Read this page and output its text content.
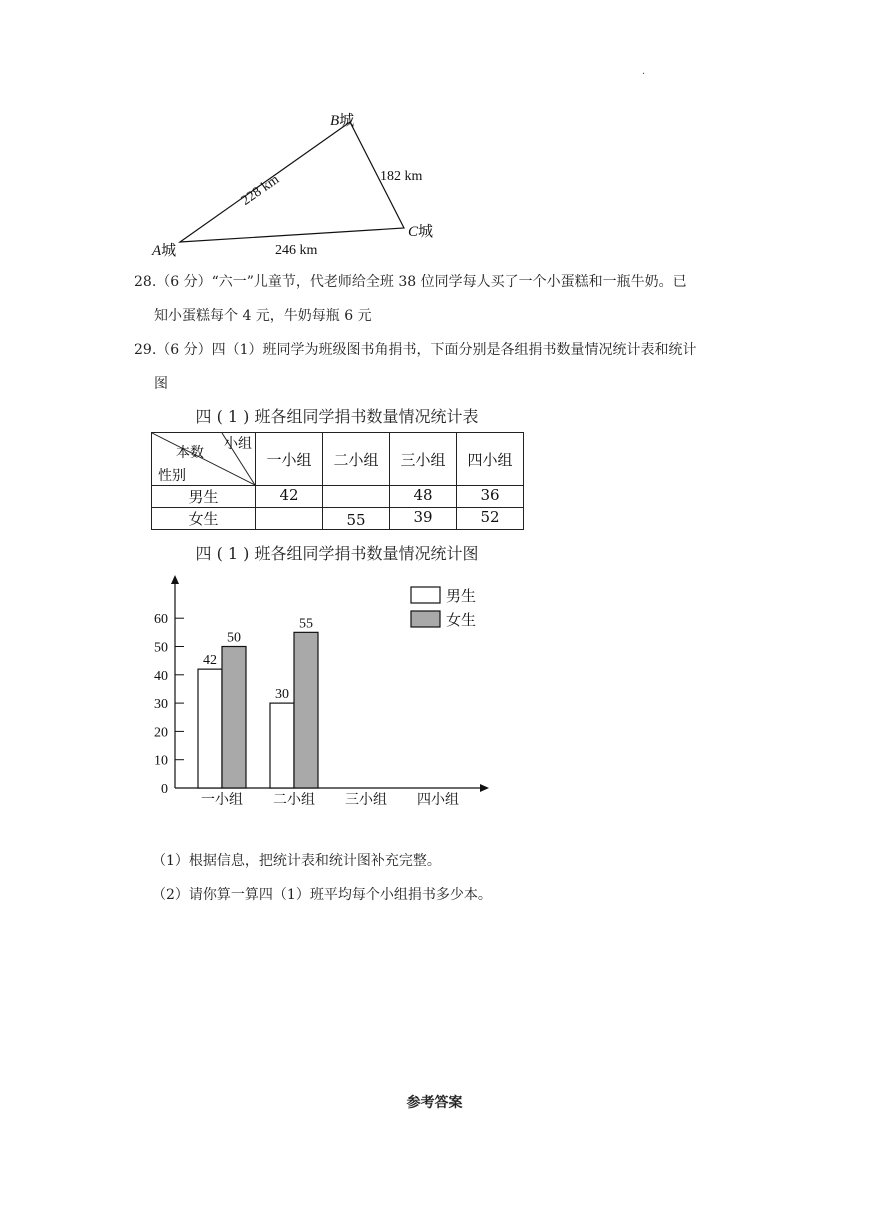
.
A城
B城
C城
228 km	182 km
246 km
28.（6 分）“六一”儿童节，代老师给全班 38 位同学每人买了一个小蛋糕和一瓶牛奶。已
知小蛋糕每个 4 元，牛奶每瓶 6 元
29.（6 分）四（1）班同学为班级图书角捐书，下面分别是各组捐书数量情况统计表和统计
图
四 ( 1 ) 班各组同学捐书数量情况统计表
小组
本数
性别	一小组	二小组	三小组	四小组
男生	42		48	36
女生		55	39	52
四 ( 1 ) 班各组同学捐书数量情况统计图
0
10
20
30
40
50
60
42
50
一小组
30
55
二小组 三小组 四小组
男生
女生
（1）根据信息，把统计表和统计图补充完整。
（2）请你算一算四（1）班平均每个小组捐书多少本。
参考答案
